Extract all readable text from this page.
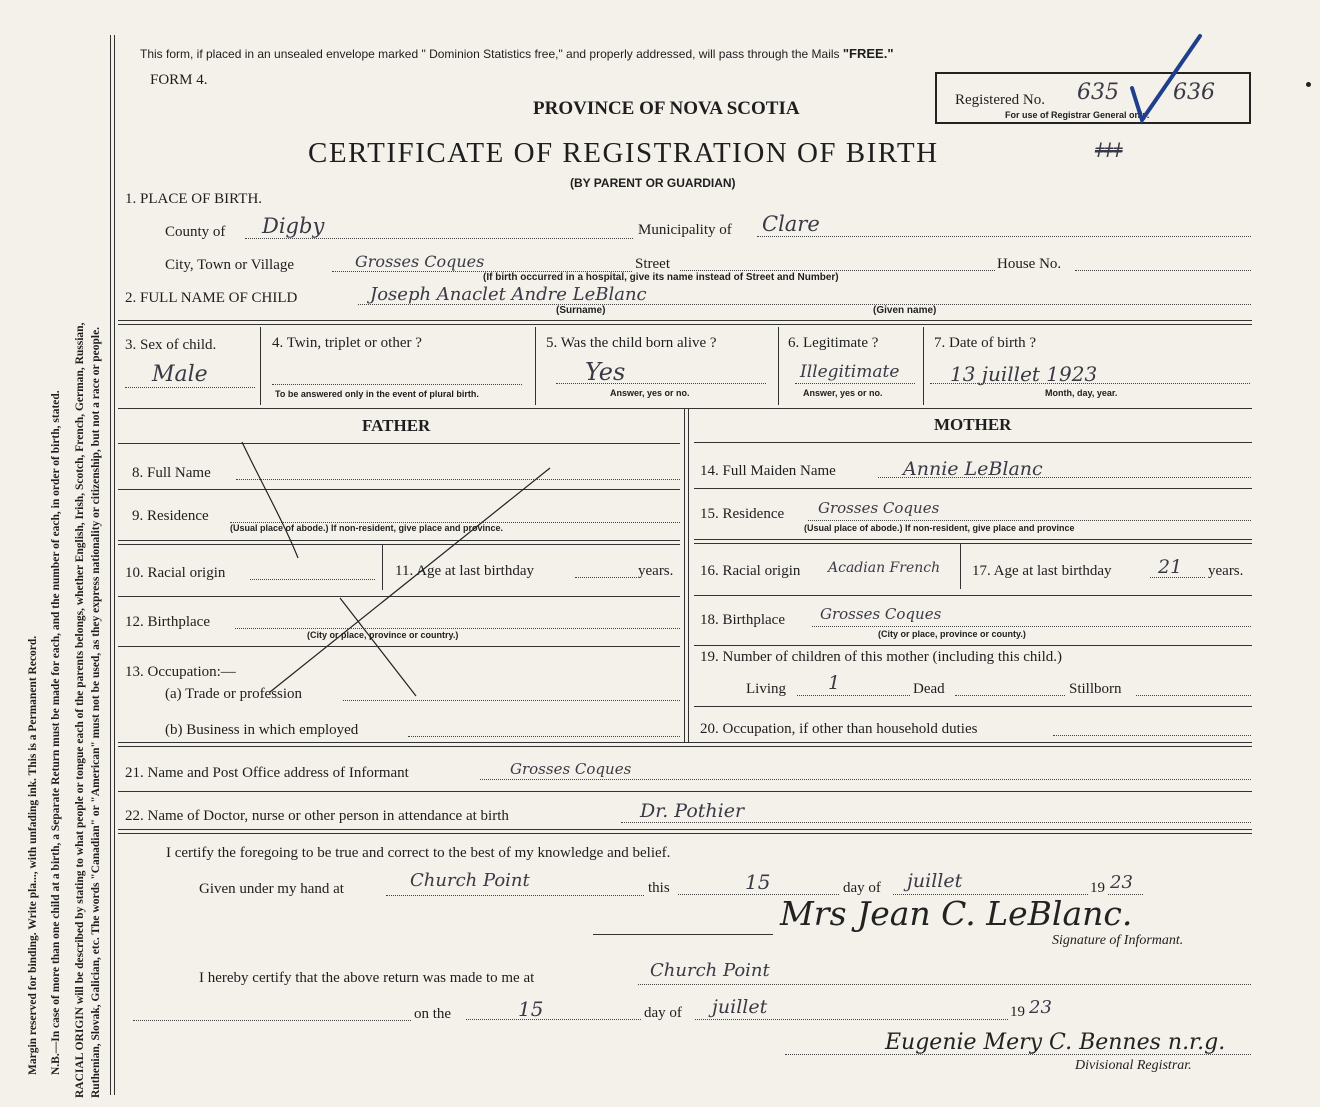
Margin reserved for binding. Write pla..., with unfading ink. This is a Permanent Record. N.B.—In case of more than one child at a birth, a Separate Return must be made for each, and the number of each, in order of birth, stated. RACIAL ORIGIN will be described by stating to what people or tongue each of the parents belongs, whether English, Irish, Scotch, French, German, Russian, Ruthenian, Slovak, Galician, etc. The words "Canadian" or "American" must not be used, as they express nationality or citizenship, but not a race or people.
This form, if placed in an unsealed envelope marked " Dominion Statistics free," and properly addressed, will pass through the Mails "FREE."
FORM 4.
PROVINCE OF NOVA SCOTIA	Registered No. 635 636
For use of Registrar General only.
CERTIFICATE OF REGISTRATION OF BIRTH	ǂǂǂ
(BY PARENT OR GUARDIAN)
1. PLACE OF BIRTH.
County of Digby	Municipality of Clare
City, Town or Village	Grosses Coques	Street	House No.
(If birth occurred in a hospital, give its name instead of Street and Number)
2. FULL NAME OF CHILD	Joseph Anaclet Andre LeBlanc
(Surname)	(Given name)
3. Sex of child.
Male
4. Twin, triplet or other ?
To be answered only in the event of plural birth.
5. Was the child born alive ?
Yes
Answer, yes or no.
6. Legitimate ?
Illegitimate
Answer, yes or no.
7. Date of birth ?
13 juillet 1923
Month, day, year.
FATHER	MOTHER
8. Full Name
9. Residence
(Usual place of abode.) If non-resident, give place and province.
10. Racial origin	11. Age at last birthday	years.
12. Birthplace
(City or place, province or country.)
13. Occupation:—
(a) Trade or profession
(b) Business in which employed
14. Full Maiden Name	Annie LeBlanc
15. Residence Grosses Coques
(Usual place of abode.) If non-resident, give place and province
16. Racial origin Acadian French 17. Age at last birthday 21 years.
18. Birthplace Grosses Coques
(City or place, province or county.)
19. Number of children of this mother (including this child.)
Living 1	Dead	Stillborn
20. Occupation, if other than household duties
21. Name and Post Office address of Informant	Grosses Coques
22. Name of Doctor, nurse or other person in attendance at birth	Dr. Pothier
I certify the foregoing to be true and correct to the best of my knowledge and belief.
Given under my hand at	Church Point	this	15	day of juillet	19 23
Mrs Jean C. LeBlanc.
Signature of Informant.
I hereby certify that the above return was made to me at	Church Point
on the	15	day of juillet	19 23
Eugenie Mery C. Bennes n.r.g.
Divisional Registrar.
